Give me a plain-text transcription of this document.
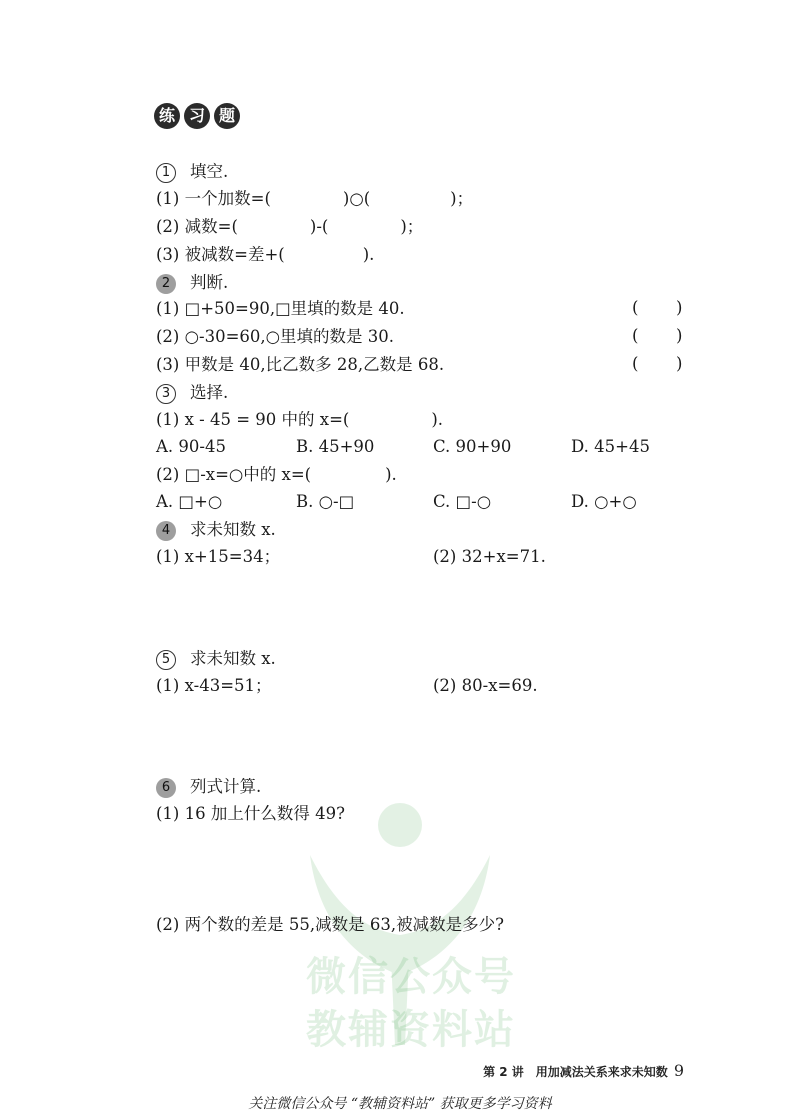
微信公众号
教辅资料站
练 习 题
1 填空.
(1) 一个加数=(	)○(	)；
(2) 减数=(	)-(	)；
(3) 被减数=差+(	).
2 判断.
(1) □+50=90,□里填的数是 40.	( )
(2) ○-30=60,○里填的数是 30.	( )
(3) 甲数是 40,比乙数多 28,乙数是 68.	( )
3 选择.
(1) x - 45 = 90 中的 x=(	).
A. 90-45	B. 45+90	C. 90+90	D. 45+45
(2) □-x=○中的 x=(	).
A. □+○	B. ○-□	C. □-○	D. ○+○
4 求未知数 x.
(1) x+15=34；	(2) 32+x=71.
5 求未知数 x.
(1) x-43=51；	(2) 80-x=69.
6 列式计算.
(1) 16 加上什么数得 49?
(2) 两个数的差是 55,减数是 63,被减数是多少?
第 2 讲　用加减法关系来求未知数 9
关注微信公众号 “教辅资料站” 获取更多学习资料
